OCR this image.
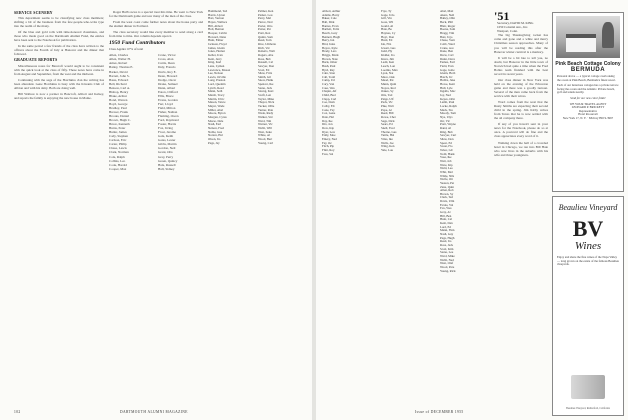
SERVICE SCENERY

This department seems to be classifying new class members; shifting a bit of the business from the few-people-who-write type into the realm of the many.

Of the blue and gold rolls with time-honored classmates, and those who made good on the Dartmouth Alumni Fund, the entries have been sent to the Notebook for publication.

In the same period a few friends of the class have written to the officers about the Fourth of July at Hanover and the dinner that followed.

GRADUATE REPORTS

Miscellaneous notes for Bancroft would ought to be consistent with the quick look at the class of fifty. These notes have come in from August and September, from the west and the midwest.

Continuing with the saga of the Hotchkiss clan the writing has been abundant. Gene Hotchkiss is busy with the Kiwanis Club of Albion and with his dairy. Both are doing well.

Bill Wallace is now a partner in Bancroft, Abbott and Kelsey, and reports the family is enjoying the new house in Maine.

Roger Bull's news is a special treat this time. He went to New York for the Dartmouth game and saw many of the men of the class.

From the west coast come further notes about the house party and the alumni dinner in Portland.

The class secretary would like every member to send along a card from time to time. Our column depends upon it.

1950 Fund Contributors
Class Agents: 67% of total
Allen, Charles
Allen, Walter H.
Ames, Robert
Bailey, Thomas E.
Barker, David
Barrett, John S.
Bates, Edward
Bell, Richard
Benson, Carl A.
Bishop, Henry
Blake, Arthur
Bond, Warren
Boyd, George
Bradley, Paul
Brewer, Frank
Brooks, Daniel
Brown, Hugh C.
Bruce, Kenneth
Burns, Peter
Butler, James
Cady, Stephen
Carlson, Eric
Carter, Philip
Chase, Lewis
Clark, Norman
Cole, Ralph
Collins, Leo
Cook, Harold
Cooper, Max
Crane, Victor
Cross, Alan
Curtis, Dean
Daly, Francis
Davis, Roy E.
Dean, Howard
Dodge, Oscar
Drake, Samuel
Dunn, Albert
Eaton, Clifford
Ellis, Bruce
Evans, Gordon
Farr, Lloyd
Field, Milton
Fisher, Nathan
Fleming, Owen
Ford, Raymond
Foster, Harris
Fox, Irving
Frost, Jerome
Gale, Keith
Gates, Lester
Gibbs, Martin
Gordon, Neil
Grant, Otis
Gray, Perry
Green, Quincy
Hale, Russell
Hall, Sidney
Hammond, Ted
Harris, Upton
Hart, Vernon
Hayes, Wallace
Hill, Abbott
Holt, Benton
Hooper, Calvin
Howard, Dana
Hunt, Elmer
Jackson, Floyd
James, Glenn
Jones, Homer
Keller, Ivan
Kent, Jerry
King, Karl
Lane, Lyman
Lawrence, Mason
Lee, Nelson
Lewis, Orville
Long, Preston
Lord, Quentin
Lynch, Reed
Mann, Seth
Marsh, Tracy
Martin, Ulric
Mason, Vance
Meyer, Wade
Miller, Abel
Moore, Byron
Morgan, Cyrus
Morse, Dale
Nash, Earl
Nelson, Fred
Noble, Gus
Norton, Hal
Olson, Ira
Page, Jay
Palmer, Ken
Parker, Lou
Perry, Mel
Pierce, Ned
Porter, Otto
Potter, Pat
Pratt, Rex
Quinn, Sam
Read, Tom
Rice, Umberto
Rich, Val
Roberts, Walt
Rogers, Abe
Ross, Bob
Russell, Cal
Sawyer, Don
Scott, Ed
Shaw, Fritz
Smith, Gil
Snow, Hank
Spencer, Ike
Stone, Jack
Strong, Kurt
Swift, Len
Taylor, Mike
Thayer, Nick
Tucker, Ollie
Turner, Pete
Wade, Rudy
Walker, Sid
Ward, Tim
Warner, Vic
Webb, Will
West, Zeke
White, Al
Wood, Bert
Young, Carl
102	DARTMOUTH ALUMNI MAGAZINE
Abbott, Arthur
Adams, Barry
Baker, Cole
Ball, Dirk
Barnes, Evan
Bartlett, Felix
Beach, Gary
Bennett, Hugh
Berry, Ian
Bird, Jules
Boyce, Kyle
Brady, Lars
Briggs, Mark
Brown, Nate
Buck, Omar
Bush, Paul
Byrd, Ray
Cain, Stan
Call, Todd
Camp, Uri
Cary, Van
Case, Wes
Chapin, Alf
Child, Bud
Clapp, Carl
Coe, Dom
Colby, Eli
Cone, Fay
Cox, Gene
Dale, Hal
Day, Ike
Dix, Jon
Dow, Kip
Dyer, Lew
Eddy, Moe
Emery, Ned
Fay, Oz
Fitch, Pip
Flint, Roy
Foss, Sal
Frye, Ty
Gage, Udo
Gill, Vin
Goss, Wil
Gould, Al
Hale, Bo
Haynes, Cy
Hoyt, Don
Hurd, Ed
Ide, Fitz
Jewett, Gus
Judd, Hy
Kidder, Ira
Knox, Jim
Ladd, Ken
Leach, Lon
Loomis, Max
Lyon, Nat
Mace, Oak
Mead, Pat
Munn, Quin
Noyes, Rod
Oakes, Sy
Otis, Tad
Paige, Ulf
Peck, Vic
Pike, Walt
Pope, Al
Reed, Bill
Rowe, Chet
Sage, Dick
Sears, Ed
Snell, Fred
Thorne, Gus
Tuttle, Hal
Viles, Ike
Wells, Joe
Wing, Ken
Yale, Lou
Abel, Matt
Akers, Neil
Bailey, Olin
Beck, Phil
Blair, Roger
Boone, Sam
Bragg, Tim
Burr, Ugo
Chase, Vern
Cobb, Ward
Crane, Ace
Dane, Ben
Drew, Carl
Dunn, Dave
Eames, Earl
Field, Fran
Gage, Gabe
Glenn, Herb
Hatch, Irv
Hobbs, Jake
Howe, Kent
Hull, Lyle
Ingalls, Mac
Joy, Ned
Keyes, Orin
Lamb, Paul
Locke, Ralph
Mack, Stu
Moody, Tom
Nye, Ulys
Orr, Vic
Pratt, Wayne
Rand, Al
Ring, Bob
Sawyer, Curt
Shaw, Don
Spear, Ed
Swan, Flo
Tabor, Gil
Todd, Hank
Vose, Ike
Wait, Jeb
Ware, Kip
Weld, Leo
Whit, Mel
Wilde, Nils
Wolfe, Ott
Yeaton, Pat
Zane, Quin
Allen, Rob
Brown, Sy
Clark, Ted
Davis, Ulm
Evans, Val
Fox, Wes
Gray, Al
Hill, Ben
Hunt, Cal
Kent, Dan
Lord, Ed
Mann, Finn
Nash, Guy
Page, Hugh
Read, Ira
Ross, Jack
Scott, Kim
Stone, Lee
Ward, Mike
Webb, Ned
West, Olaf
Wood, Pete
Young, Rick
'51 Secretary, DAVID M. KING
1050 Colonial Ave., Inc.
Westport, Conn.

The big Thanksgiving rocket has come and gone and a white and merry Christmas season approaches. Many of you will be reading this after the Hanover winter carnival is a memory.

It will be a bit late to tell you, no doubt, but Hanover in the little town of Norwich had quite a time when the Fred Bolles team finished with the best record in recent years.

Our class dinner in New York was held on the evening of the Princeton game and there was a goodly turnout. Several of the men came back from the service with their wives.

Word comes from the west that the Rusty Smiths are expecting their second child in the spring. Jim Kirby writes from Texas that he is now settled with the oil company there.

If any of you haven't sent in your news for the Notebook, please do so at once. A postcard will do fine and the class appreciates every word of it.

Walking down the hall of a crowded hotel in Chicago, we ran into Bill Hale who now lives in the suburbs with his wife and three youngsters.

Issue of DECEMBER 1955
Pink Beach Cottage Colony
BERMUDA

Personal above — a typical cottage overlooking the ocean at Pink Beach, Bermuda's finest resort.

Each of our luxurious cottages has a private terrace facing the ocean and the Atlantic. Private beach, golf and tennis nearby.

Send for our new color folder

WE YOUR TRAVEL AGENT
LEONARD P. BRICKETT
Representative
Hotel Roosevelt
New York 17, N. Y. · MUrray Hill 9-3967
Beaulieu Vineyard
BV
Wines
Enjoy and share the fine wines of the Napa Valley — long grown on the estate of the famous Beaulieu vineyards.
Beaulieu Vineyard, Rutherford, California
